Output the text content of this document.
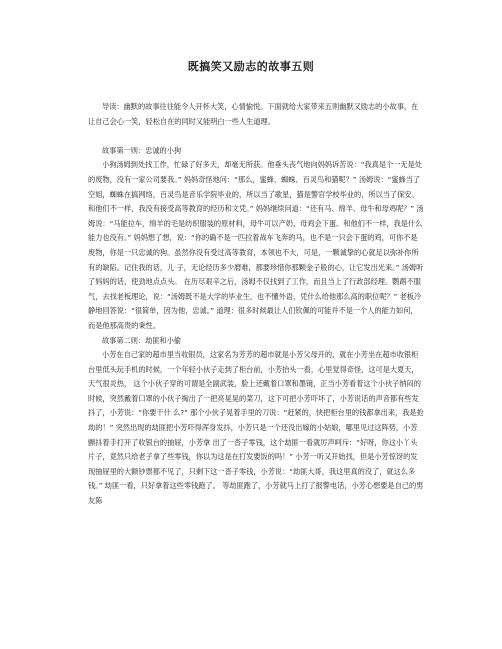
既搞笑又励志的故事五则

导读：幽默的故事往往能令人开怀大笑，心情愉悦。下面就给大家带来五则幽默又励志的小故事，在让自己会心一笑，轻松自在的同时又能明白一些人生道理。

故事第一则：忠诚的小狗

小狗汤姆到处找工作，忙碌了好多天，却毫无所获。他垂头丧气地向妈妈诉苦说：“我真是个一无是处的废物，没有一家公司要我。” 妈妈奇怪地问：“那么，蜜蜂、蜘蛛、百灵鸟和猫呢？” 汤姆说：“蜜蜂当了空姐，蜘蛛在搞网络，百灵鸟是音乐学院毕业的，所以当了歌星，猫是警官学校毕业的，所以当了保安。和他们不一样，我没有接受高等教育的经历和文凭。” 妈妈继续问道：“还有马、绵羊、母牛和母鸡呢？” 汤姆说：“马能拉车，绵羊的毛是纺织服装的原材料，母牛可以产奶，母鸡会下蛋。和他们不一样，我是什么能力也没有。” 妈妈想了想，说：“你的确不是一匹拉着战车飞奔的马，也不是一只会下蛋的鸡，可你不是废物，你是一只忠诚的狗。虽然你没有受过高等教育，本领也不大，可是，一颗诚挚的心就足以弥补你所有的缺陷。记住我的话，儿 子，无论经历多少磨难，都要珍惜你那颗金子般的心，让它发出光来。” 汤姆听了妈妈的话，使劲地点点头。 在历尽艰辛之后，汤姆不仅找到了工作，而且当上了行政部经理。鹦鹉不服气，去找老板理论，说：“汤姆既不是大学的毕业生，也不懂外语，凭什么给他那么高的职位呢？” 老板冷静地回答说：“很简单，因为他，忠诚。” 道理：很多时候最让人们钦佩的可能并不是一个人的能力如何，而是他那高贵的秉性。

故事第二则：劫匪和小偷

小芳在自己家的超市里当收银员，这家名为芳芳的超市就是小芳父母开的，就在小芳坐在超市收银柜台里低头玩手机的时候，一个年轻小伙子走到了柜台前，小芳抬头一看，心里觉得奇怪，这可是大夏天，天气很炎热， 这个小伙子穿的可谓是全副武装，脸上还戴着口罩和墨镜，正当小芳看着这个小伙子纳闷的时候，突然戴着口罩的小伙子掏出了一把亮晃晃的菜刀，这下可把小芳吓坏了，小芳说话的声音都有些发抖了，小芳说：“你要干什 么?” 那个小伙子晃着手里的刀说：“赶紧的，快把柜台里的钱都拿出来，我是抢劫的！” 突然出现的劫匪把小芳吓得浑身发抖，小芳只是一个还没出嫁的小姑娘，哪里见过这阵势，小芳颤抖着手打开了收银台的抽屉，小芳拿 出了一沓子零钱，这个劫匪一看就厉声呵斥：“好呀，你这小丫头片子，竟然只给老子拿了些零钱，你以为这是在打发要饭的吗！” 小芳一听又开始找，但是小芳惊讶的发现抽屉里的大额钞票都不见了，只剩下这一沓子零钱，小芳说：“劫匪大哥，我这里真的没了，就这么多钱。” 劫匪一看，只好拿着这些零钱跑了。 等劫匪跑了，小芳就马上打了报警电话，小芳心想要是自己的男友陈
